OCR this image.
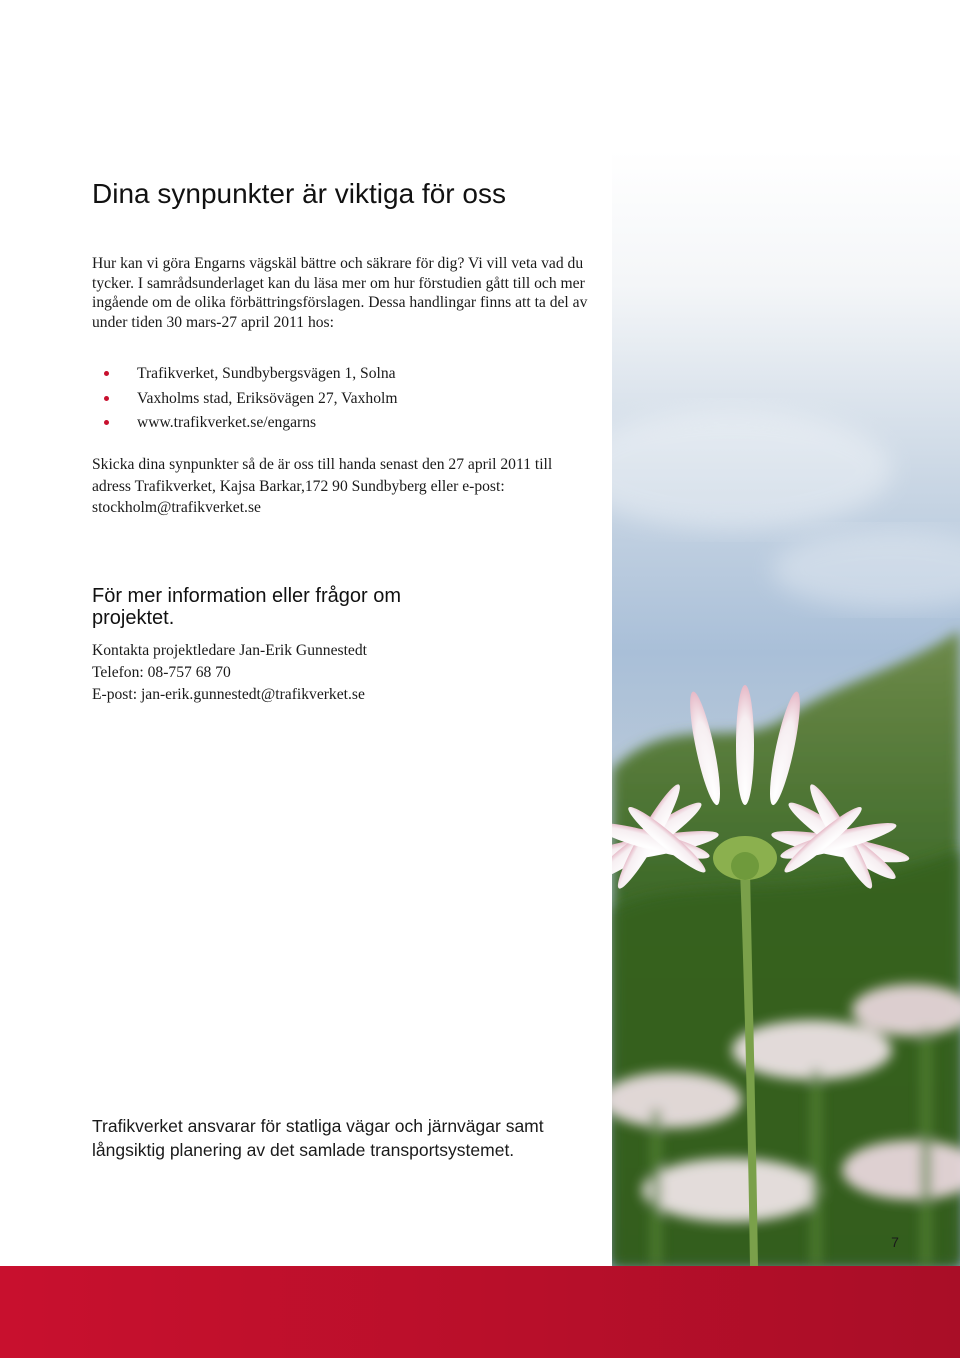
Dina synpunkter är viktiga för oss

Hur kan vi göra Engarns vägskäl bättre och säkrare för dig? Vi vill veta vad du tycker. I samrådsunderlaget kan du läsa mer om hur förstudien gått till och mer ingående om de olika förbättringsförslagen. Dessa handlingar finns att ta del av under tiden 30 mars-27 april 2011 hos:

Trafikverket, Sundbybergsvägen 1, Solna
Vaxholms stad, Eriksövägen 27, Vaxholm
www.trafikverket.se/engarns

Skicka dina synpunkter så de är oss till handa senast den 27 april 2011 till adress Trafikverket, Kajsa Barkar,172 90 Sundbyberg eller e-post: stockholm@trafikverket.se

För mer information eller frågor om projektet.
Kontakta projektledare Jan-Erik Gunnestedt
Telefon: 08-757 68 70
E-post: jan-erik.gunnestedt@trafikverket.se

Trafikverket ansvarar för statliga vägar och järnvägar samt långsiktig planering av det samlade transportsystemet.

7
